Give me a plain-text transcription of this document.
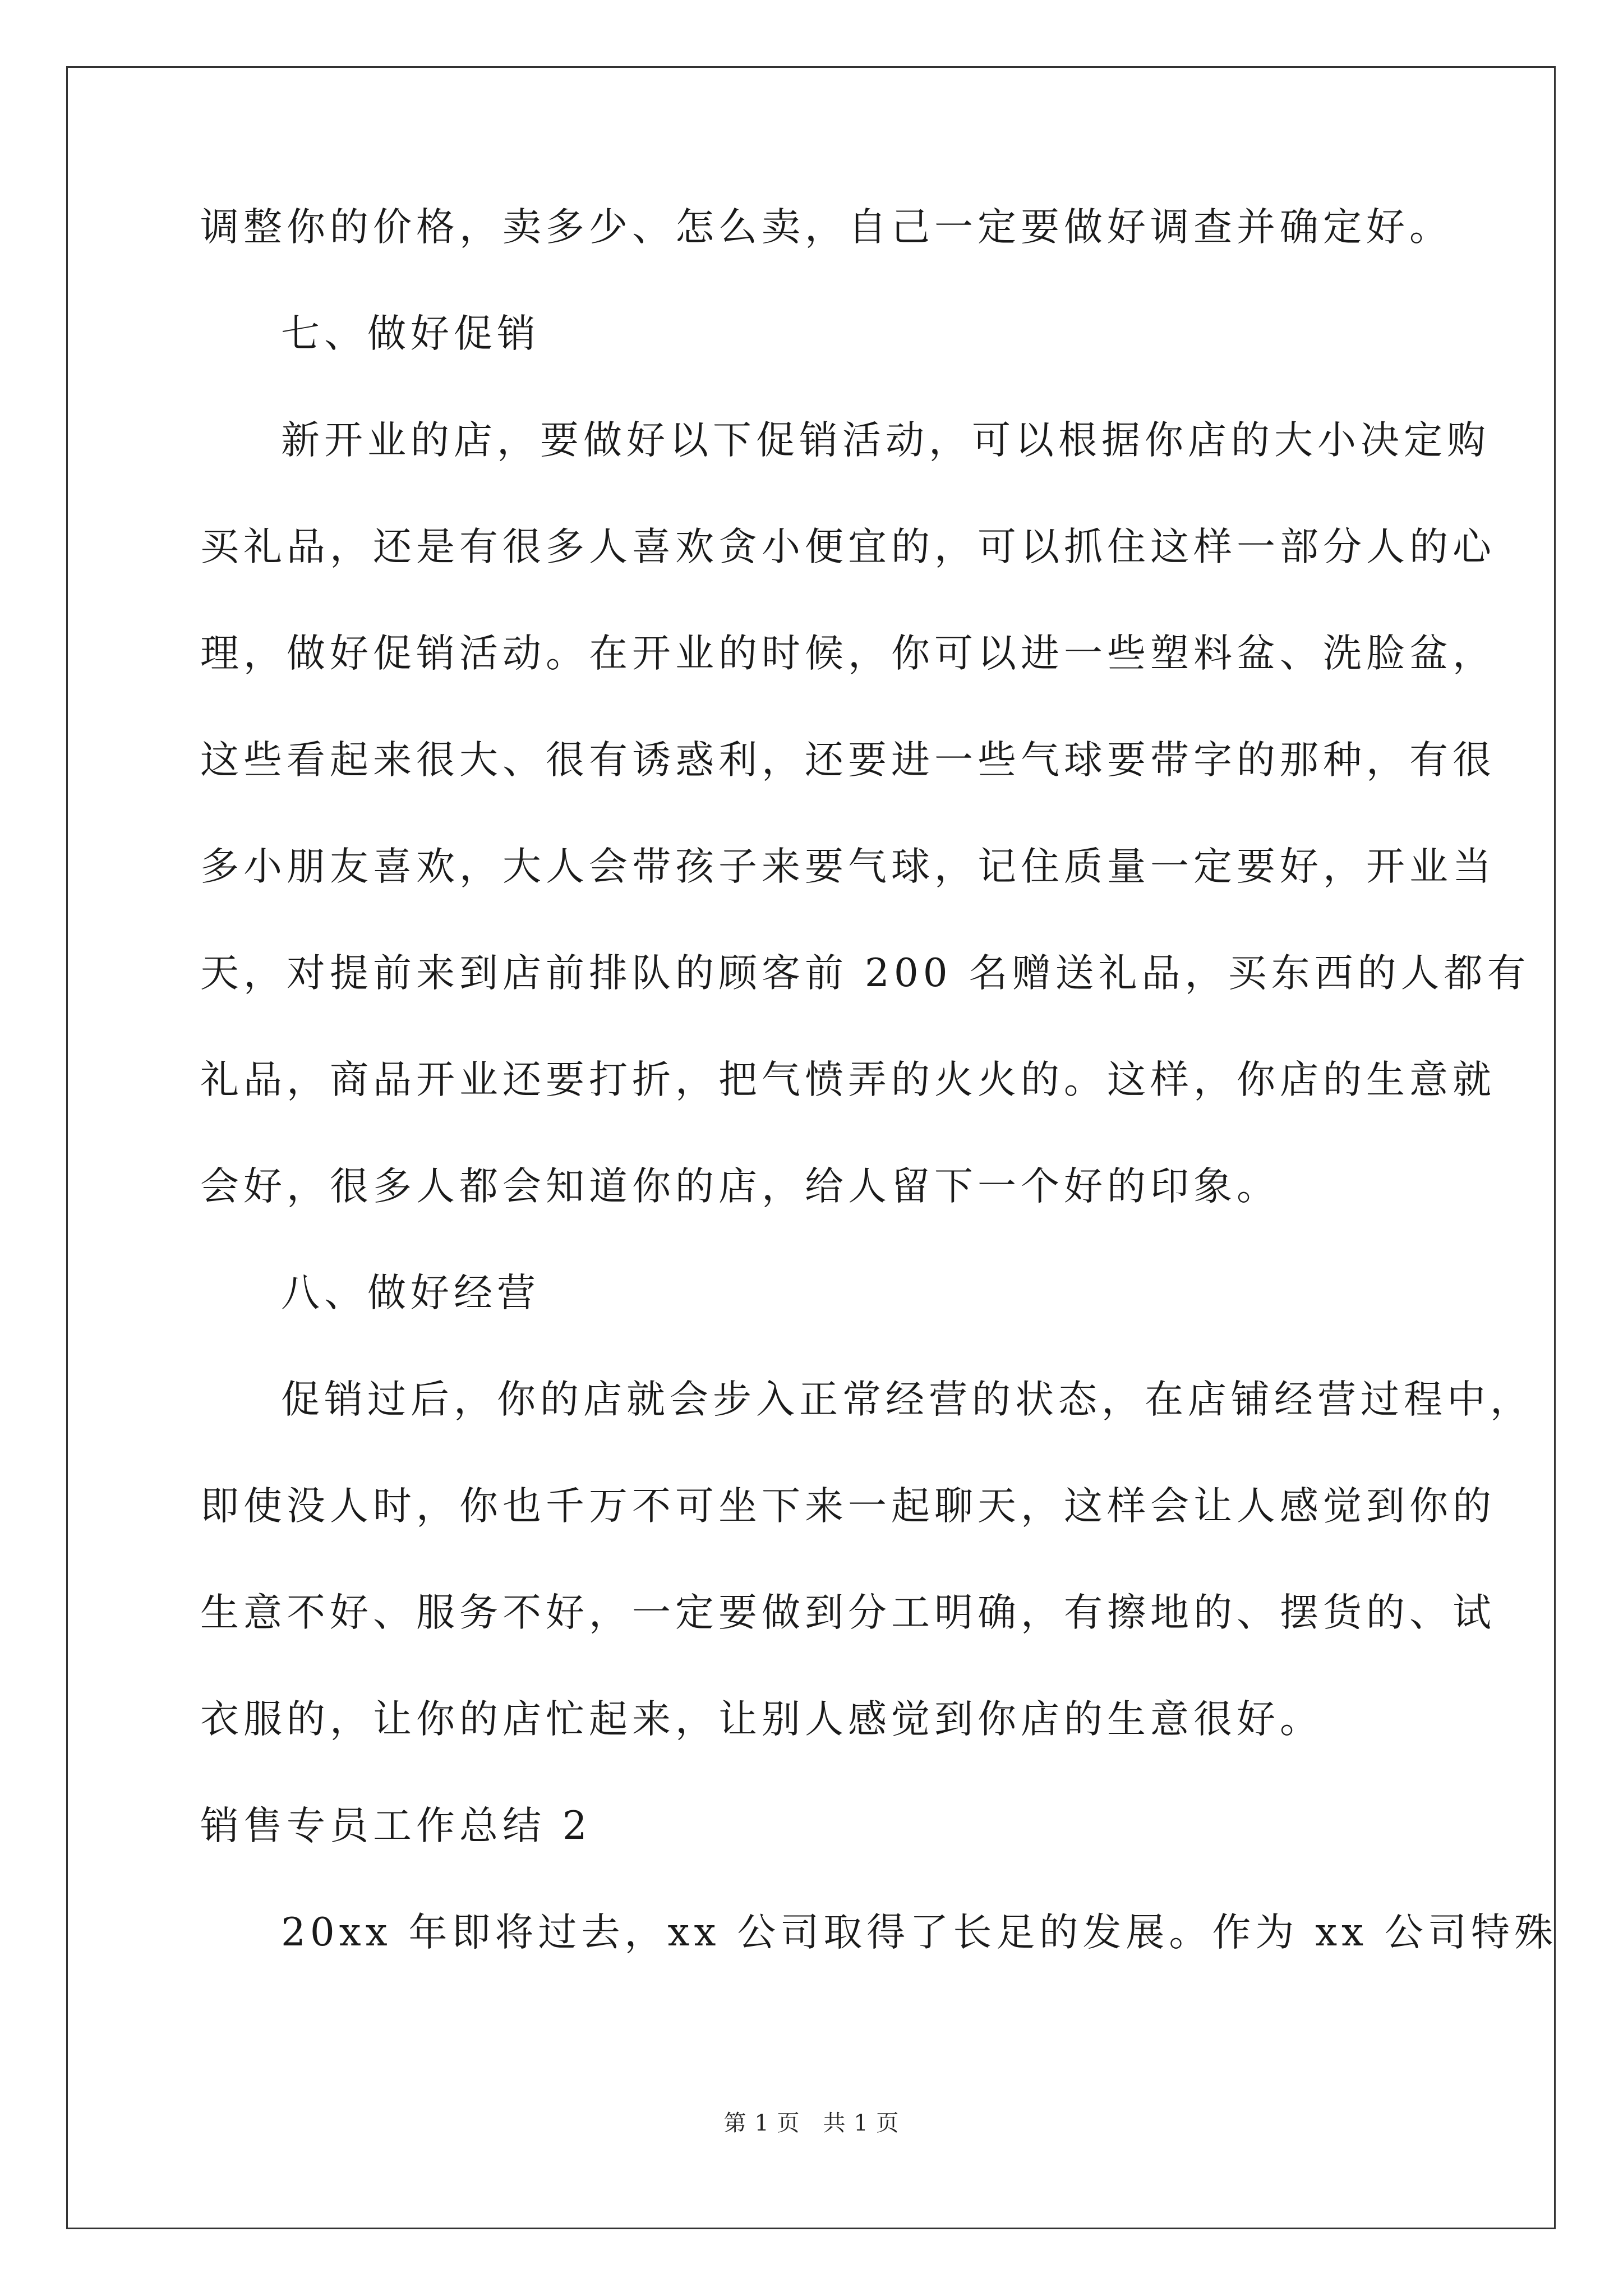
调整你的价格，卖多少、怎么卖，自己一定要做好调查并确定好。
七、做好促销
新开业的店，要做好以下促销活动，可以根据你店的大小决定购
买礼品，还是有很多人喜欢贪小便宜的，可以抓住这样一部分人的心
理，做好促销活动。在开业的时候，你可以进一些塑料盆、洗脸盆，
这些看起来很大、很有诱惑利，还要进一些气球要带字的那种，有很
多小朋友喜欢，大人会带孩子来要气球，记住质量一定要好，开业当
天，对提前来到店前排队的顾客前 200 名赠送礼品，买东西的人都有
礼品，商品开业还要打折，把气愤弄的火火的。这样，你店的生意就
会好，很多人都会知道你的店，给人留下一个好的印象。
八、做好经营
促销过后，你的店就会步入正常经营的状态，在店铺经营过程中，
即使没人时，你也千万不可坐下来一起聊天，这样会让人感觉到你的
生意不好、服务不好，一定要做到分工明确，有擦地的、摆货的、试
衣服的，让你的店忙起来，让别人感觉到你店的生意很好。
销售专员工作总结 2
20xx 年即将过去，xx 公司取得了长足的发展。作为 xx 公司特殊
第 1 页　共 1 页
